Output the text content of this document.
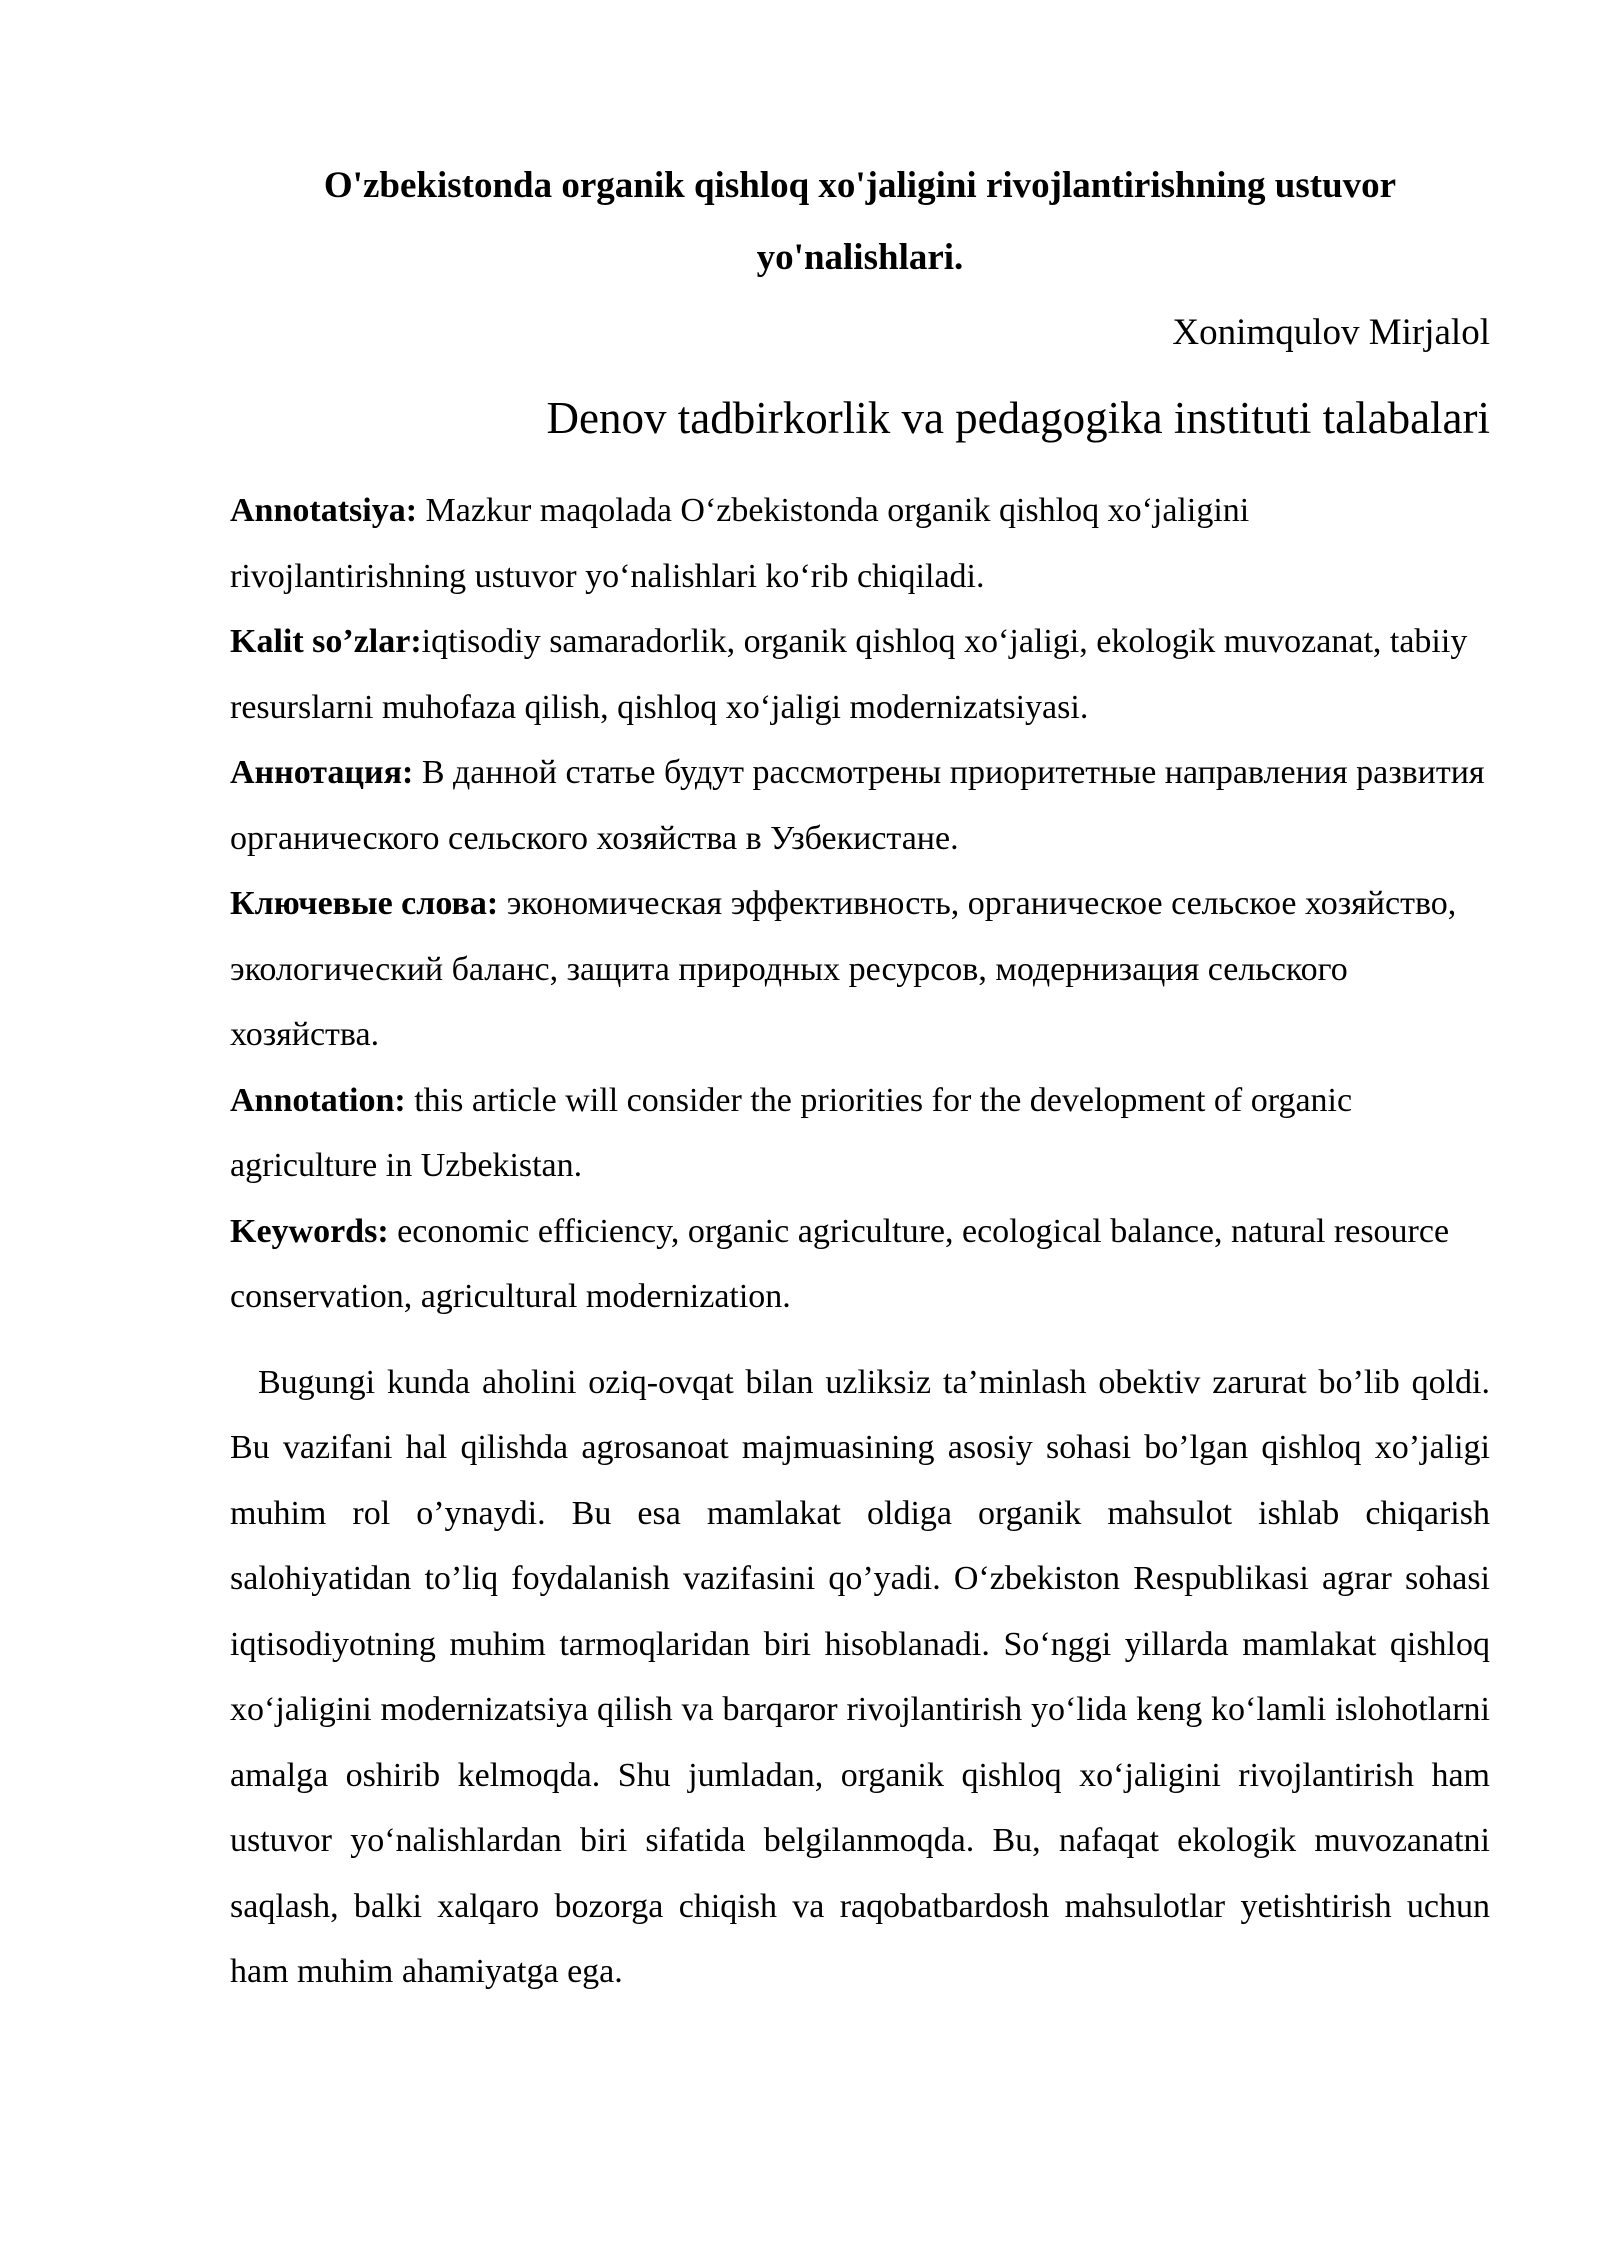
O'zbekistonda organik qishloq xo'jaligini rivojlantirishning ustuvor yo'nalishlari.
Xonimqulov Mirjalol
Denov tadbirkorlik va pedagogika instituti talabalari

Annotatsiya: Mazkur maqolada O‘zbekistonda organik qishloq xo‘jaligini rivojlantirishning ustuvor yo‘nalishlari ko‘rib chiqiladi.

Kalit so’zlar:iqtisodiy samaradorlik, organik qishloq xo‘jaligi, ekologik muvozanat, tabiiy resurslarni muhofaza qilish, qishloq xo‘jaligi modernizatsiyasi.

Аннотация: В данной статье будут рассмотрены приоритетные направления развития органического сельского хозяйства в Узбекистане.

Ключевые слова: экономическая эффективность, органическое сельское хозяйство, экологический баланс, защита природных ресурсов, модернизация сельского хозяйства.

Annotation: this article will consider the priorities for the development of organic agriculture in Uzbekistan.

Keywords: economic efficiency, organic agriculture, ecological balance, natural resource conservation, agricultural modernization.

Bugungi kunda aholini oziq-ovqat bilan uzliksiz ta’minlash obektiv zarurat bo’lib qoldi. Bu vazifani hal qilishda agrosanoat majmuasining asosiy sohasi bo’lgan qishloq xo’jaligi muhim rol o’ynaydi. Bu esa mamlakat oldiga organik mahsulot ishlab chiqarish salohiyatidan to’liq foydalanish vazifasini qo’yadi. O‘zbekiston Respublikasi agrar sohasi iqtisodiyotning muhim tarmoqlaridan biri hisoblanadi. So‘nggi yillarda mamlakat qishloq xo‘jaligini modernizatsiya qilish va barqaror rivojlantirish yo‘lida keng ko‘lamli islohotlarni amalga oshirib kelmoqda. Shu jumladan, organik qishloq xo‘jaligini rivojlantirish ham ustuvor yo‘nalishlardan biri sifatida belgilanmoqda. Bu, nafaqat ekologik muvozanatni saqlash, balki xalqaro bozorga chiqish va raqobatbardosh mahsulotlar yetishtirish uchun ham muhim ahamiyatga ega.
